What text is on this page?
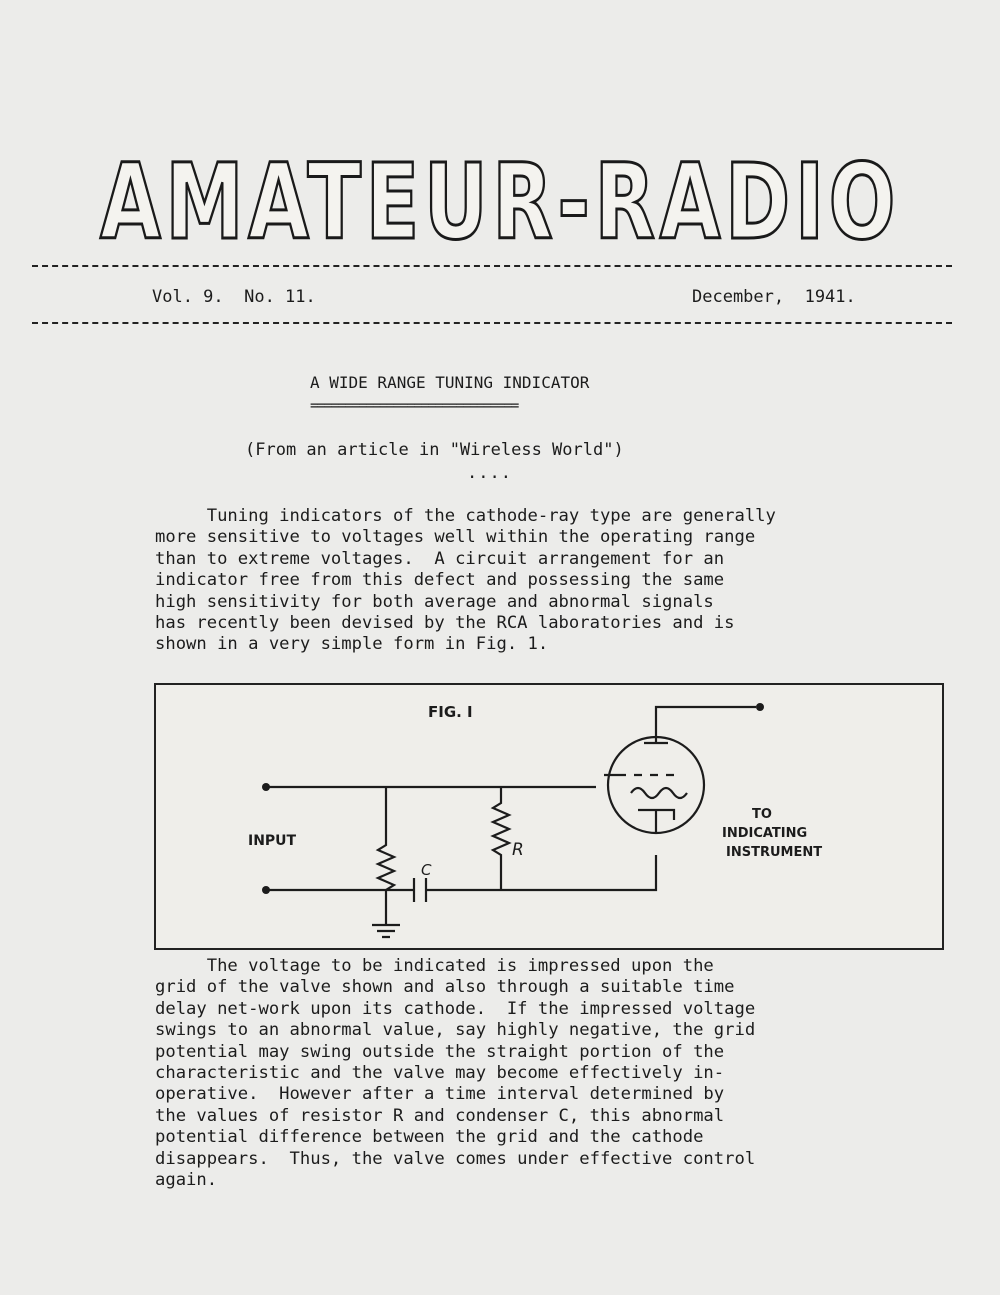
AMATEUR-RADIO
Vol. 9.  No. 11.	December,  1941.
A WIDE RANGE TUNING INDICATOR
==============================
(From an article in "Wireless World")
....
Tuning indicators of the cathode-ray type are generally
more sensitive to voltages well within the operating range
than to extreme voltages.  A circuit arrangement for an
indicator free from this defect and possessing the same
high sensitivity for both average and abnormal signals
has recently been devised by the RCA laboratories and is
shown in a very simple form in Fig. 1.
FIG. I
INPUT
TO
INDICATING
INSTRUMENT
R
C
The voltage to be indicated is impressed upon the
grid of the valve shown and also through a suitable time
delay net-work upon its cathode.  If the impressed voltage
swings to an abnormal value, say highly negative, the grid
potential may swing outside the straight portion of the
characteristic and the valve may become effectively in-
operative.  However after a time interval determined by
the values of resistor R and condenser C, this abnormal
potential difference between the grid and the cathode
disappears.  Thus, the valve comes under effective control
again.
